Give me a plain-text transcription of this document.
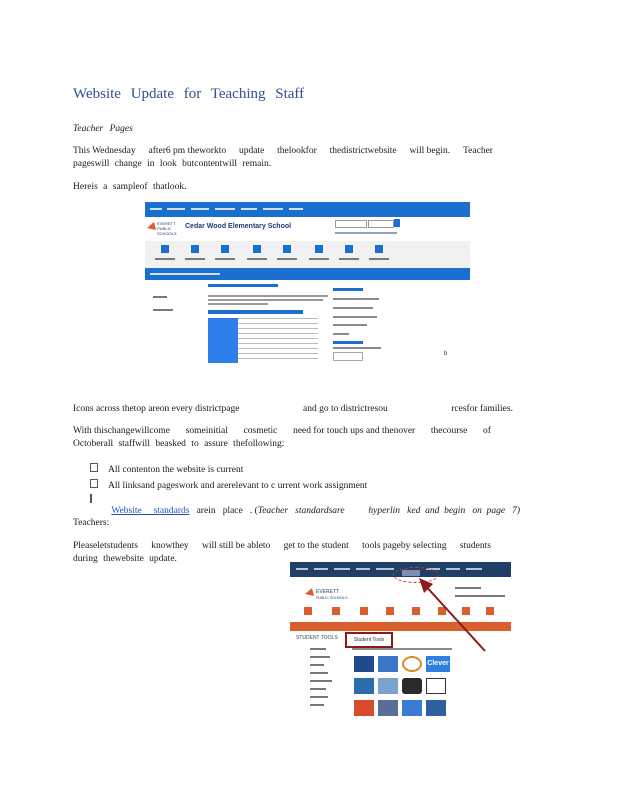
Website Update for Teaching Staff
Teacher Pages
This Wednesday after6 pm theworkto update thelookfor thedistrictwebsite will begin. Teacher
pageswill change in look butcontentwill remain.
Hereis a sampleof thatlook.
EVERETT
PUBLIC
SCHOOLS
Cedar Wood Elementary School
b
Icons across thetop areon every districtpage	and go to districtresou	rcesfor families.
With thischangewillcome someinitial cosmetic need for touch ups and thenover thecourse of
Octoberall staffwill beasked to assure thefollowing:
All contenton the website is current
All linksand pageswork and arerelevant to c urrent work assignment

Website     standards   arein   place   . (Teacher   standardsare          hyperlin   ked  and  begin   on  page   7)

Teachers:
Pleaseletstudents knowthey will still be ableto get to the student tools pageby selecting students
during thewebsite update.
EVERETT
PUBLIC SCHOOLS
STUDENT TOOLS	Student Tools
Clever
